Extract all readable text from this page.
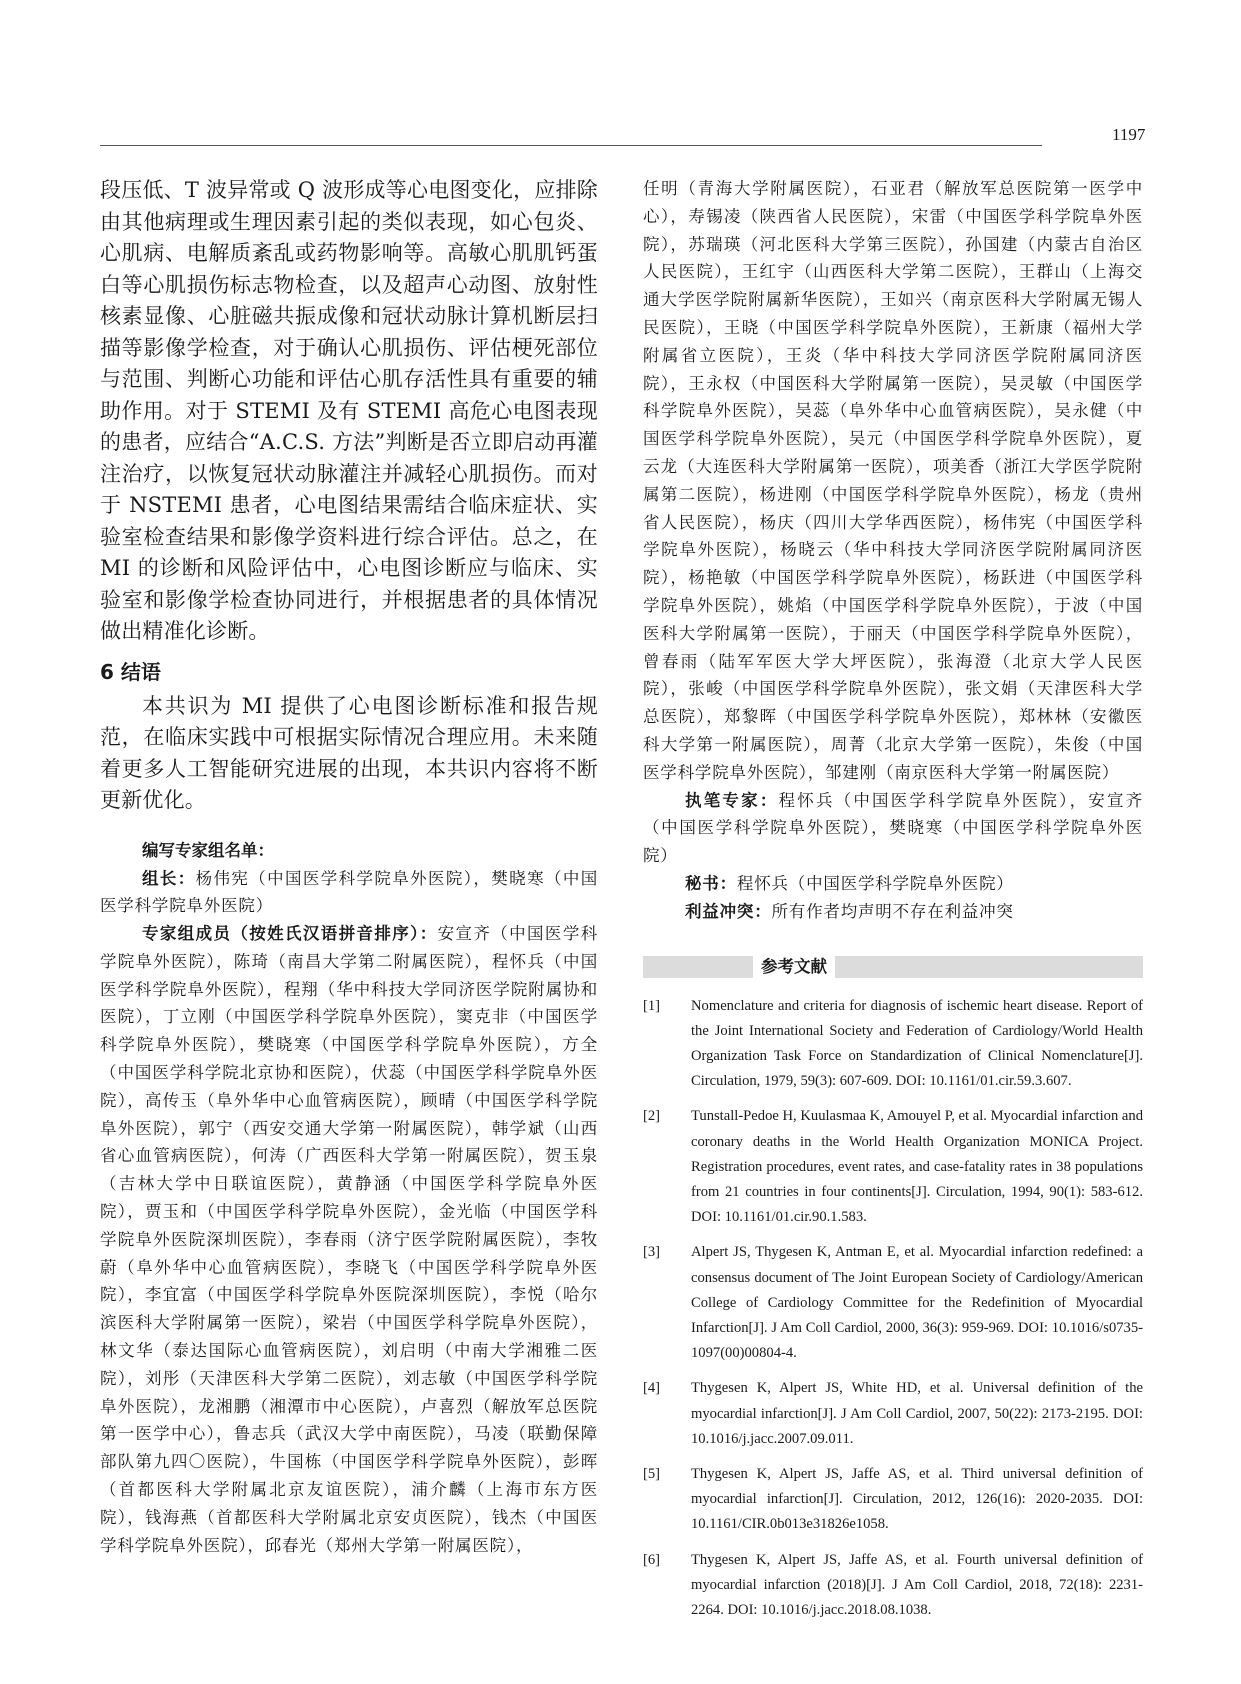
1197

段压低、T 波异常或 Q 波形成等心电图变化，应排除由其他病理或生理因素引起的类似表现，如心包炎、心肌病、电解质紊乱或药物影响等。高敏心肌肌钙蛋白等心肌损伤标志物检查，以及超声心动图、放射性核素显像、心脏磁共振成像和冠状动脉计算机断层扫描等影像学检查，对于确认心肌损伤、评估梗死部位与范围、判断心功能和评估心肌存活性具有重要的辅助作用。对于 STEMI 及有 STEMI 高危心电图表现的患者，应结合“A.C.S. 方法”判断是否立即启动再灌注治疗，以恢复冠状动脉灌注并减轻心肌损伤。而对于 NSTEMI 患者，心电图结果需结合临床症状、实验室检查结果和影像学资料进行综合评估。总之，在 MI 的诊断和风险评估中，心电图诊断应与临床、实验室和影像学检查协同进行，并根据患者的具体情况做出精准化诊断。

6 结语

本共识为 MI 提供了心电图诊断标准和报告规范，在临床实践中可根据实际情况合理应用。未来随着更多人工智能研究进展的出现，本共识内容将不断更新优化。

编写专家组名单：

组长：杨伟宪（中国医学科学院阜外医院），樊晓寒（中国医学科学院阜外医院）

专家组成员（按姓氏汉语拼音排序）：安宣齐（中国医学科学院阜外医院），陈琦（南昌大学第二附属医院），程怀兵（中国医学科学院阜外医院），程翔（华中科技大学同济医学院附属协和医院），丁立刚（中国医学科学院阜外医院），窦克非（中国医学科学院阜外医院），樊晓寒（中国医学科学院阜外医院），方全（中国医学科学院北京协和医院），伏蕊（中国医学科学院阜外医院），高传玉（阜外华中心血管病医院），顾晴（中国医学科学院阜外医院），郭宁（西安交通大学第一附属医院），韩学斌（山西省心血管病医院），何涛（广西医科大学第一附属医院），贺玉泉（吉林大学中日联谊医院），黄静涵（中国医学科学院阜外医院），贾玉和（中国医学科学院阜外医院），金光临（中国医学科学院阜外医院深圳医院），李春雨（济宁医学院附属医院），李牧蔚（阜外华中心血管病医院），李晓飞（中国医学科学院阜外医院），李宜富（中国医学科学院阜外医院深圳医院），李悦（哈尔滨医科大学附属第一医院），梁岩（中国医学科学院阜外医院），林文华（泰达国际心血管病医院），刘启明（中南大学湘雅二医院），刘彤（天津医科大学第二医院），刘志敏（中国医学科学院阜外医院），龙湘鹏（湘潭市中心医院），卢喜烈（解放军总医院第一医学中心），鲁志兵（武汉大学中南医院），马凌（联勤保障部队第九四〇医院），牛国栋（中国医学科学院阜外医院），彭晖（首都医科大学附属北京友谊医院），浦介麟（上海市东方医院），钱海燕（首都医科大学附属北京安贞医院），钱杰（中国医学科学院阜外医院），邱春光（郑州大学第一附属医院），

任明（青海大学附属医院），石亚君（解放军总医院第一医学中心），寿锡凌（陕西省人民医院），宋雷（中国医学科学院阜外医院），苏瑞瑛（河北医科大学第三医院），孙国建（内蒙古自治区人民医院），王红宇（山西医科大学第二医院），王群山（上海交通大学医学院附属新华医院），王如兴（南京医科大学附属无锡人民医院），王晓（中国医学科学院阜外医院），王新康（福州大学附属省立医院），王炎（华中科技大学同济医学院附属同济医院），王永权（中国医科大学附属第一医院），吴灵敏（中国医学科学院阜外医院），吴蕊（阜外华中心血管病医院），吴永健（中国医学科学院阜外医院），吴元（中国医学科学院阜外医院），夏云龙（大连医科大学附属第一医院），项美香（浙江大学医学院附属第二医院），杨进刚（中国医学科学院阜外医院），杨龙（贵州省人民医院），杨庆（四川大学华西医院），杨伟宪（中国医学科学院阜外医院），杨晓云（华中科技大学同济医学院附属同济医院），杨艳敏（中国医学科学院阜外医院），杨跃进（中国医学科学院阜外医院），姚焰（中国医学科学院阜外医院），于波（中国医科大学附属第一医院），于丽天（中国医学科学院阜外医院），曾春雨（陆军军医大学大坪医院），张海澄（北京大学人民医院），张峻（中国医学科学院阜外医院），张文娟（天津医科大学总医院），郑黎晖（中国医学科学院阜外医院），郑林林（安徽医科大学第一附属医院），周菁（北京大学第一医院），朱俊（中国医学科学院阜外医院），邹建刚（南京医科大学第一附属医院）

执笔专家：程怀兵（中国医学科学院阜外医院），安宣齐（中国医学科学院阜外医院），樊晓寒（中国医学科学院阜外医院）

秘书：程怀兵（中国医学科学院阜外医院）

利益冲突：所有作者均声明不存在利益冲突

参考文献
[1]	Nomenclature and criteria for diagnosis of ischemic heart disease. Report of the Joint International Society and Federation of Cardiology/World Health Organization Task Force on Standardization of Clinical Nomenclature[J]. Circulation, 1979, 59(3): 607-609. DOI: 10.1161/01.cir.59.3.607.
[2]	Tunstall-Pedoe H, Kuulasmaa K, Amouyel P, et al. Myocardial infarction and coronary deaths in the World Health Organization MONICA Project. Registration procedures, event rates, and case-fatality rates in 38 populations from 21 countries in four continents[J]. Circulation, 1994, 90(1): 583-612. DOI: 10.1161/01.cir.90.1.583.
[3]	Alpert JS, Thygesen K, Antman E, et al. Myocardial infarction redefined: a consensus document of The Joint European Society of Cardiology/American College of Cardiology Committee for the Redefinition of Myocardial Infarction[J]. J Am Coll Cardiol, 2000, 36(3): 959-969. DOI: 10.1016/s0735-1097(00)00804-4.
[4]	Thygesen K, Alpert JS, White HD, et al. Universal definition of the myocardial infarction[J]. J Am Coll Cardiol, 2007, 50(22): 2173-2195. DOI: 10.1016/j.jacc.2007.09.011.
[5]	Thygesen K, Alpert JS, Jaffe AS, et al. Third universal definition of myocardial infarction[J]. Circulation, 2012, 126(16): 2020-2035. DOI: 10.1161/CIR.0b013e31826e1058.
[6]	Thygesen K, Alpert JS, Jaffe AS, et al. Fourth universal definition of myocardial infarction (2018)[J]. J Am Coll Cardiol, 2018, 72(18): 2231-2264. DOI: 10.1016/j.jacc.2018.08.1038.
